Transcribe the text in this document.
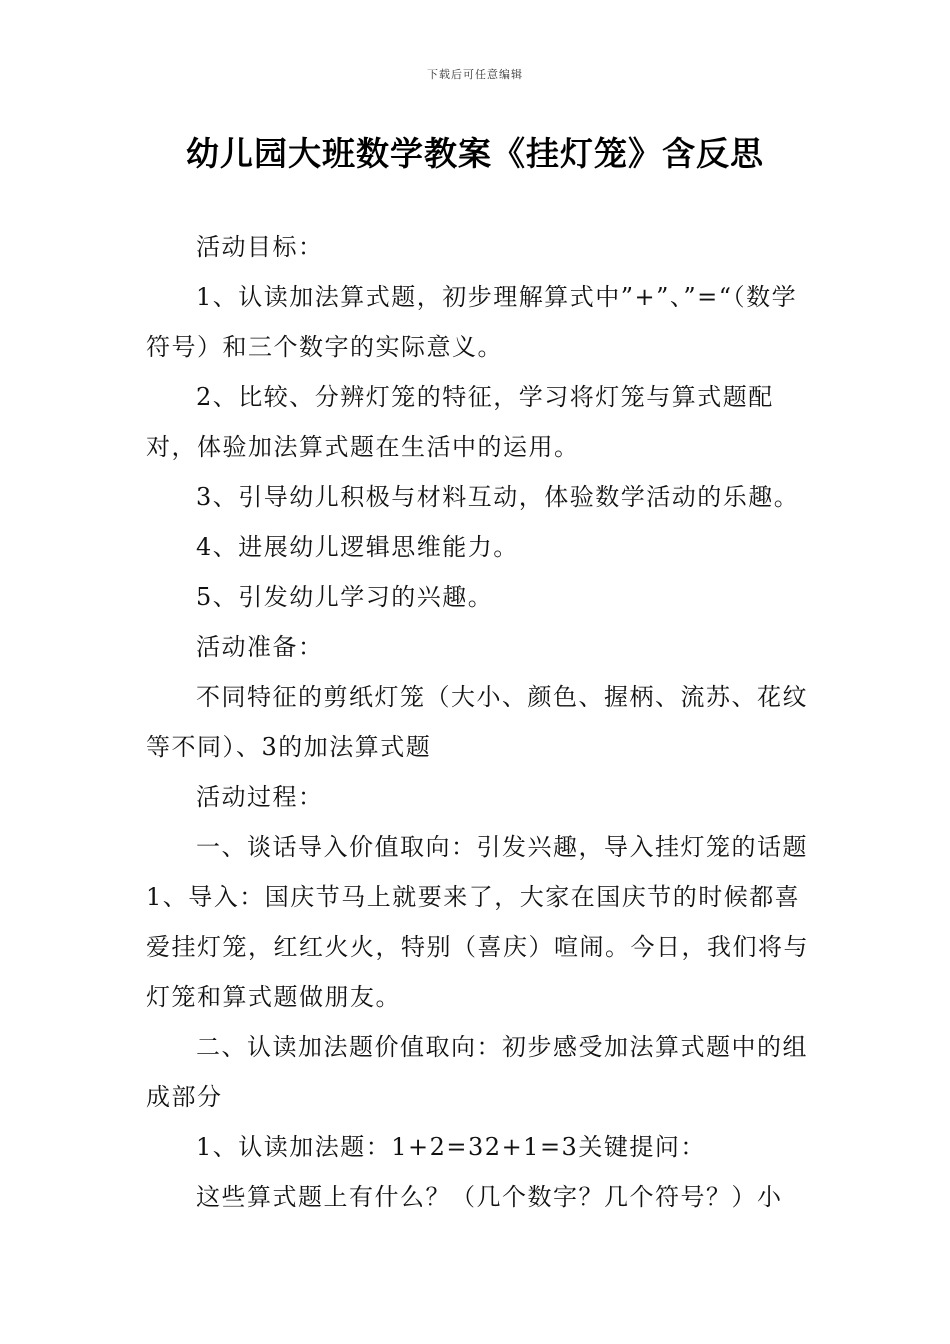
下载后可任意编辑
幼儿园大班数学教案《挂灯笼》含反思

活动目标：

1、认读加法算式题，初步理解算式中”+”、”=“（数学符号）和三个数字的实际意义。

2、比较、分辨灯笼的特征，学习将灯笼与算式题配对，体验加法算式题在生活中的运用。

3、引导幼儿积极与材料互动，体验数学活动的乐趣。

4、进展幼儿逻辑思维能力。

5、引发幼儿学习的兴趣。

活动准备：

不同特征的剪纸灯笼（大小、颜色、握柄、流苏、花纹等不同）、3的加法算式题

活动过程：

一、谈话导入价值取向：引发兴趣，导入挂灯笼的话题1、导入：国庆节马上就要来了，大家在国庆节的时候都喜爱挂灯笼，红红火火，特别（喜庆）喧闹。今日，我们将与灯笼和算式题做朋友。

二、认读加法题价值取向：初步感受加法算式题中的组成部分

1、认读加法题：1+2=32+1=3关键提问：

这些算式题上有什么？（几个数字？几个符号？）小
